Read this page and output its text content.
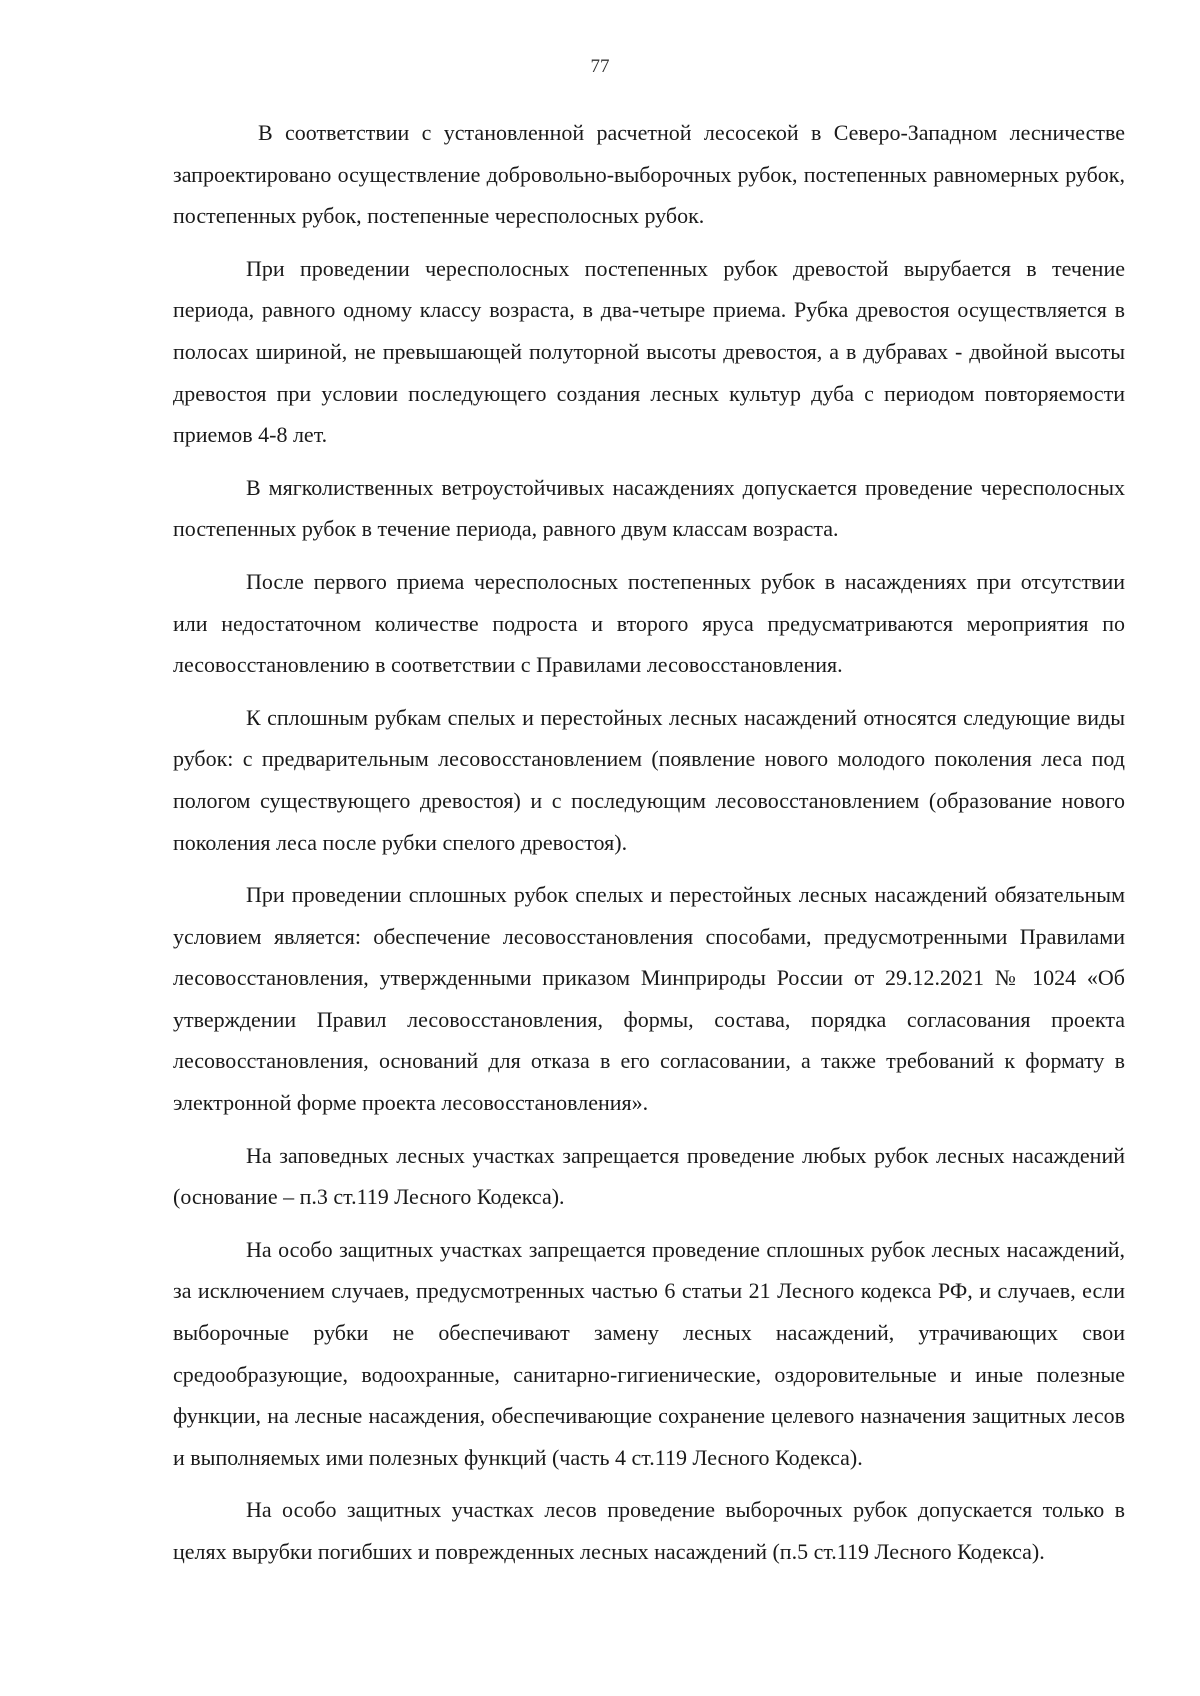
77

В соответствии с установленной расчетной лесосекой в Северо-Западном лесничестве запроектировано осуществление добровольно-выборочных рубок, постепенных равномерных рубок, постепенных рубок, постепенные чересполосных рубок.

При проведении чересполосных постепенных рубок древостой вырубается в течение периода, равного одному классу возраста, в два-четыре приема. Рубка древостоя осуществляется в полосах шириной, не превышающей полуторной высоты древостоя, а в дубравах - двойной высоты древостоя при условии последующего создания лесных культур дуба с периодом повторяемости приемов 4-8 лет.

В мягколиственных ветроустойчивых насаждениях допускается проведение чересполосных постепенных рубок в течение периода, равного двум классам возраста.

После первого приема чересполосных постепенных рубок в насаждениях при отсутствии или недостаточном количестве подроста и второго яруса предусматриваются мероприятия по лесовосстановлению в соответствии с Правилами лесовосстановления.

К сплошным рубкам спелых и перестойных лесных насаждений относятся следующие виды рубок: с предварительным лесовосстановлением (появление нового молодого поколения леса под пологом существующего древостоя) и с последующим лесовосстановлением (образование нового поколения леса после рубки спелого древостоя).

При проведении сплошных рубок спелых и перестойных лесных насаждений обязательным условием является: обеспечение лесовосстановления способами, предусмотренными Правилами лесовосстановления, утвержденными приказом Минприроды России от 29.12.2021 № 1024 «Об утверждении Правил лесовосстановления, формы, состава, порядка согласования проекта лесовосстановления, оснований для отказа в его согласовании, а также требований к формату в электронной форме проекта лесовосстановления».

На заповедных лесных участках запрещается проведение любых рубок лесных насаждений (основание – п.3 ст.119 Лесного Кодекса).

На особо защитных участках запрещается проведение сплошных рубок лесных насаждений, за исключением случаев, предусмотренных частью 6 статьи 21 Лесного кодекса РФ, и случаев, если выборочные рубки не обеспечивают замену лесных насаждений, утрачивающих свои средообразующие, водоохранные, санитарно-гигиенические, оздоровительные и иные полезные функции, на лесные насаждения, обеспечивающие сохранение целевого назначения защитных лесов и выполняемых ими полезных функций (часть 4 ст.119 Лесного Кодекса).

На особо защитных участках лесов проведение выборочных рубок допускается только в целях вырубки погибших и поврежденных лесных насаждений (п.5 ст.119 Лесного Кодекса).
